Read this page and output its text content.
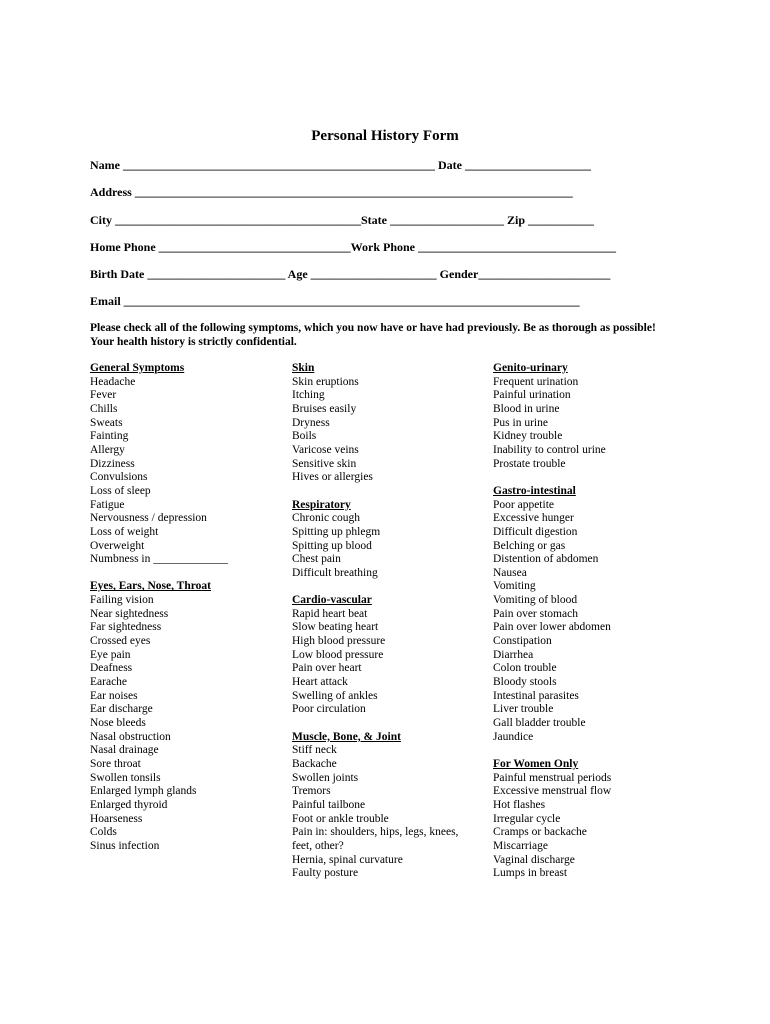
Personal History Form
Name ____________________________________________________ Date _____________________
Address _________________________________________________________________________
City _________________________________________State ___________________ Zip ___________
Home Phone ________________________________Work Phone _________________________________
Birth Date _______________________ Age _____________________ Gender______________________
Email ____________________________________________________________________________
Please check all of the following symptoms, which you now have or have had previously. Be as thorough as possible! Your health history is strictly confidential.
General Symptoms
Headache
Fever
Chills
Sweats
Fainting
Allergy
Dizziness
Convulsions
Loss of sleep
Fatigue
Nervousness / depression
Loss of weight
Overweight
Numbness in _____________
Eyes, Ears, Nose, Throat
Failing vision
Near sightedness
Far sightedness
Crossed eyes
Eye pain
Deafness
Earache
Ear noises
Ear discharge
Nose bleeds
Nasal obstruction
Nasal drainage
Sore throat
Swollen tonsils
Enlarged lymph glands
Enlarged thyroid
Hoarseness
Colds
Sinus infection
Skin
Skin eruptions
Itching
Bruises easily
Dryness
Boils
Varicose veins
Sensitive skin
Hives or allergies
Respiratory
Chronic cough
Spitting up phlegm
Spitting up blood
Chest pain
Difficult breathing
Cardio-vascular
Rapid heart beat
Slow beating heart
High blood pressure
Low blood pressure
Pain over heart
Heart attack
Swelling of ankles
Poor circulation
Muscle, Bone, & Joint
Stiff neck
Backache
Swollen joints
Tremors
Painful tailbone
Foot or ankle trouble
Pain in: shoulders, hips, legs, knees,
feet, other?
Hernia, spinal curvature
Faulty posture
Genito-urinary
Frequent urination
Painful urination
Blood in urine
Pus in urine
Kidney trouble
Inability to control urine
Prostate trouble
Gastro-intestinal
Poor appetite
Excessive hunger
Difficult digestion
Belching or gas
Distention of abdomen
Nausea
Vomiting
Vomiting of blood
Pain over stomach
Pain over lower abdomen
Constipation
Diarrhea
Colon trouble
Bloody stools
Intestinal parasites
Liver trouble
Gall bladder trouble
Jaundice
For Women Only
Painful menstrual periods
Excessive menstrual flow
Hot flashes
Irregular cycle
Cramps or backache
Miscarriage
Vaginal discharge
Lumps in breast
